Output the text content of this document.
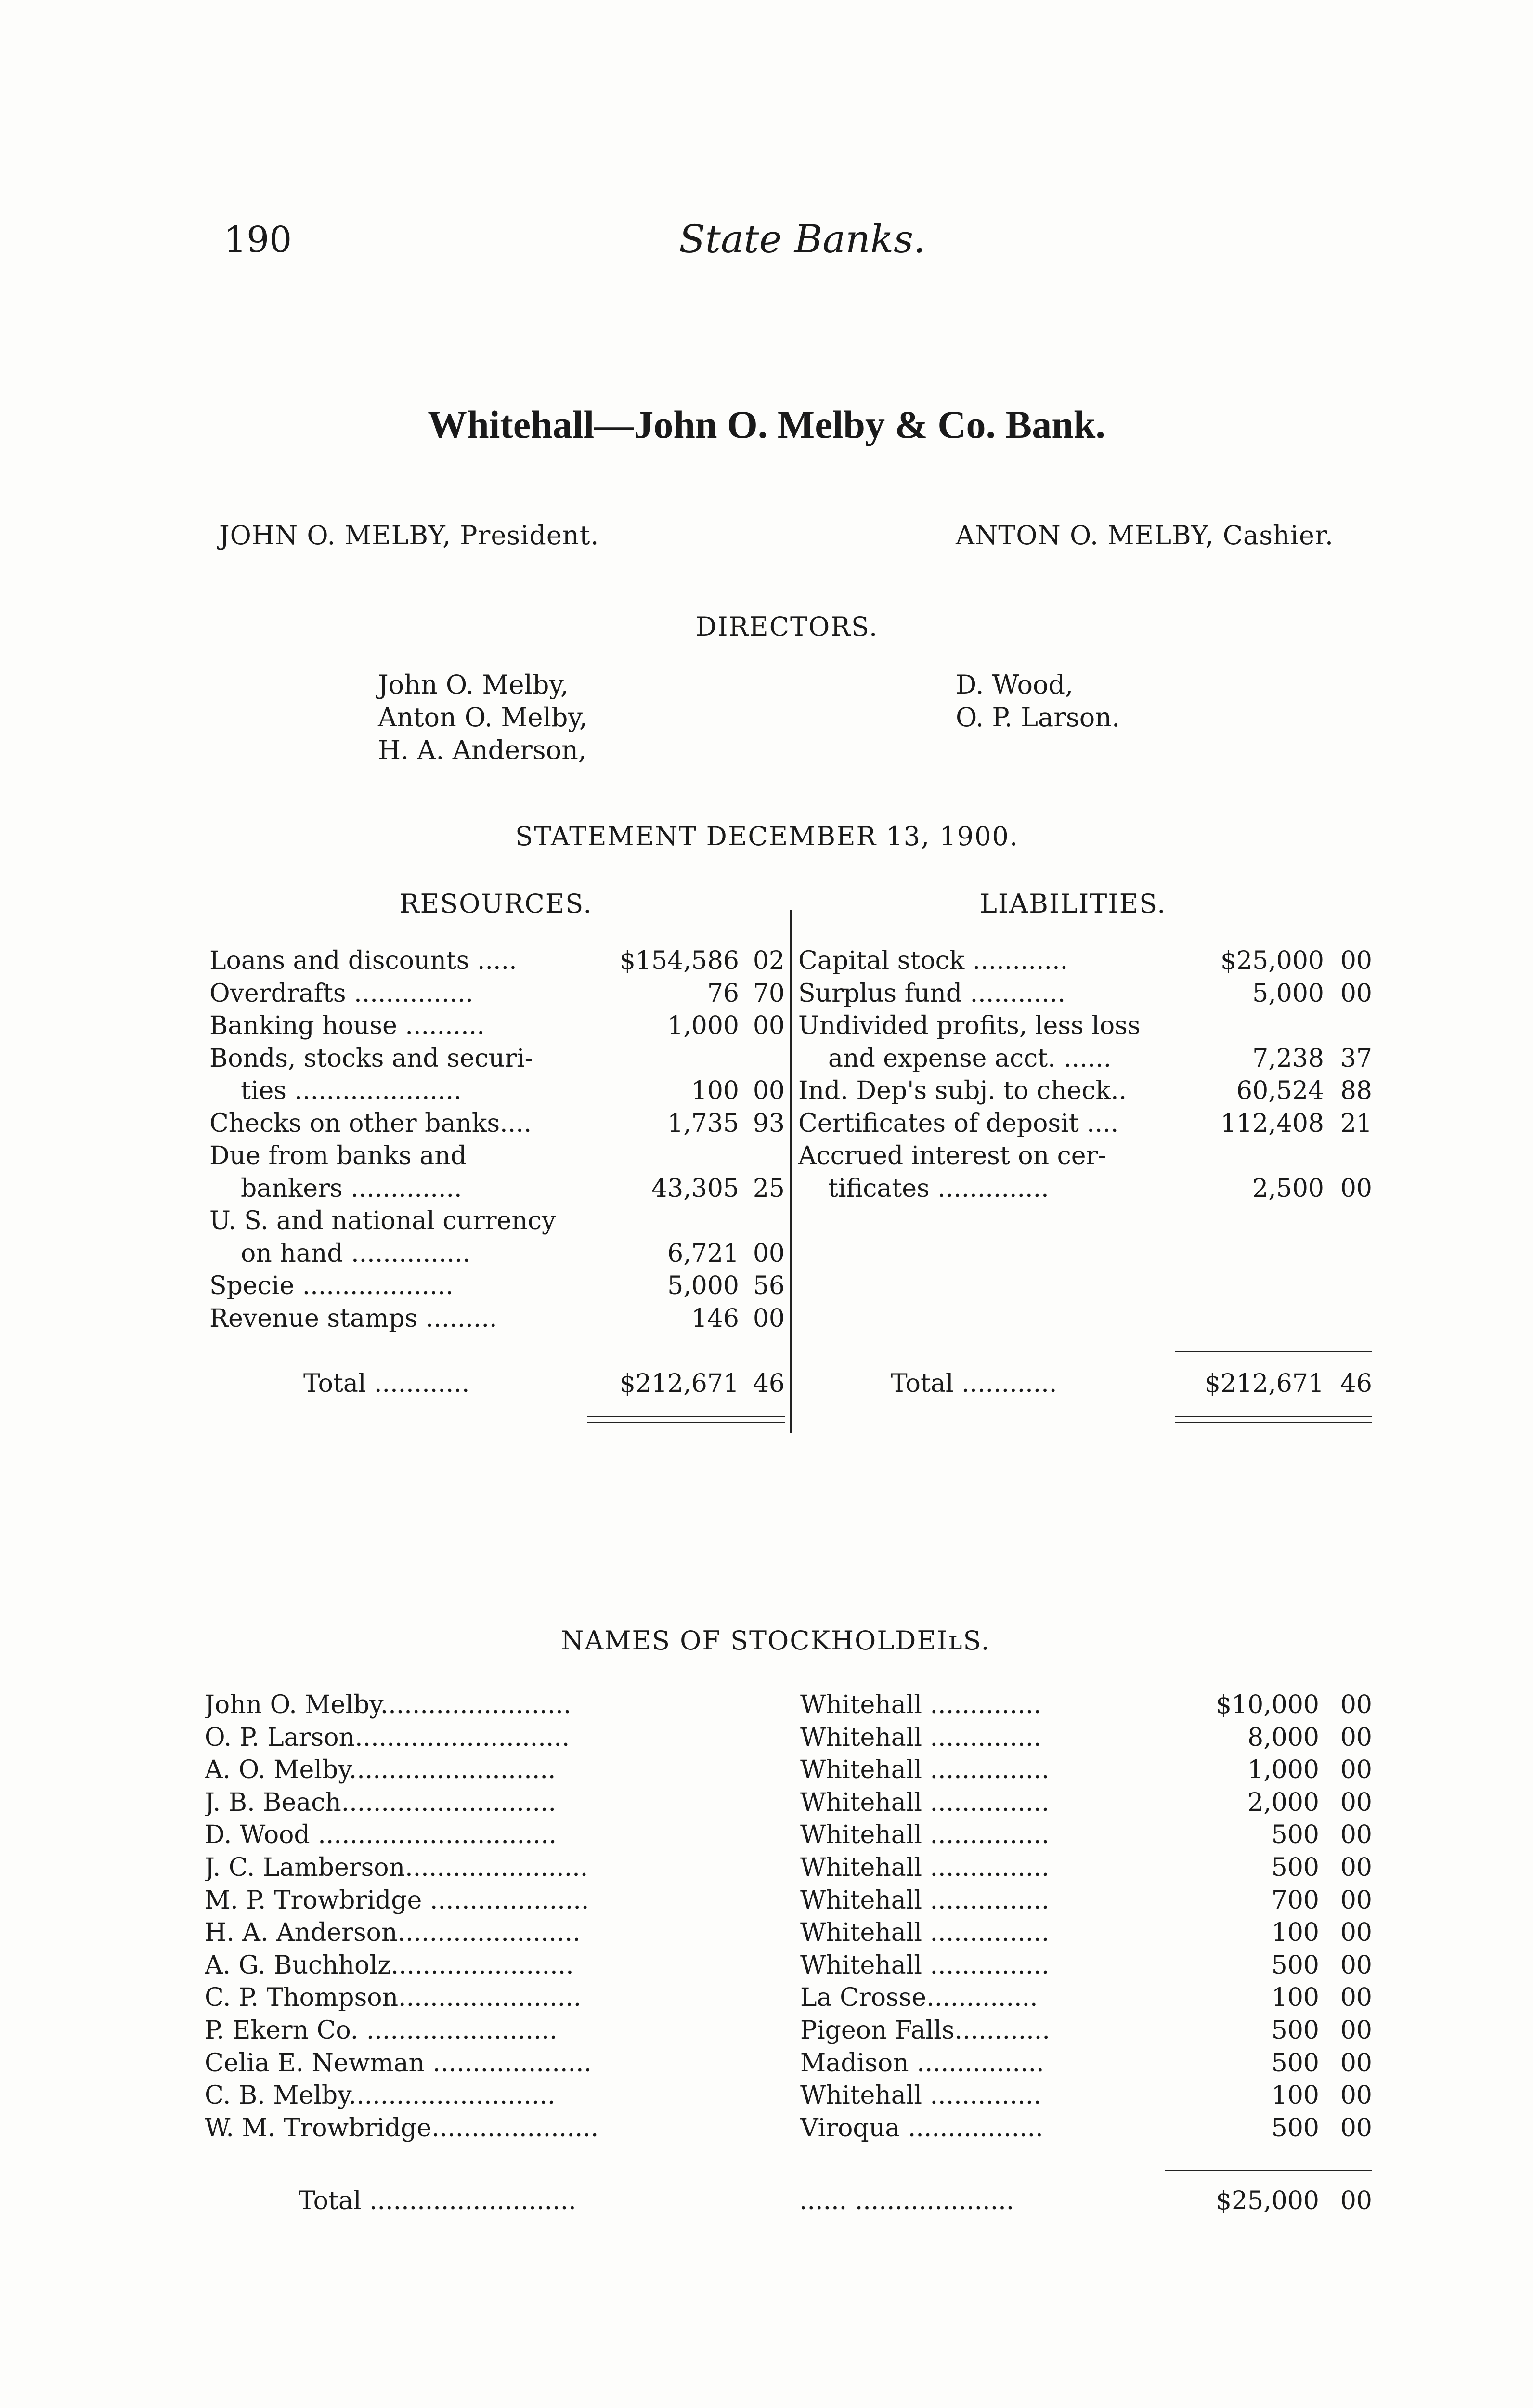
190	State Banks.
Whitehall—John O. Melby & Co. Bank.
JOHN O. MELBY, President.	ANTON O. MELBY, Cashier.
DIRECTORS.
John O. Melby,
Anton O. Melby,
H. A. Anderson,
D. Wood,
O. P. Larson.
STATEMENT DECEMBER 13, 1900.
RESOURCES.	LIABILITIES.
Loans and discounts .....	$154,586 02
Overdrafts ...............	76 70
Banking house ..........	1,000 00
Bonds, stocks and securi-
ties .....................	100 00
Checks on other banks....	1,735 93
Due from banks and
bankers ..............	43,305 25
U. S. and national currency
on hand ...............	6,721 00
Specie ...................	5,000 56
Revenue stamps .........	146 00
Capital stock ............	$25,000 00
Surplus fund ............	5,000 00
Undivided profits, less loss
and expense acct. ......	7,238 37
Ind. Dep's subj. to check..	60,524 88
Certificates of deposit ....	112,408 21
Accrued interest on cer-
tificates ..............	2,500 00
Total ............	$212,671 46	Total ............	$212,671 46
NAMES OF STOCKHOLDEIʟS.
John O. Melby........................	Whitehall ..............	$10,000 00
O. P. Larson...........................	Whitehall ..............	8,000 00
A. O. Melby..........................	Whitehall ...............	1,000 00
J. B. Beach...........................	Whitehall ...............	2,000 00
D. Wood ..............................	Whitehall ...............	500 00
J. C. Lamberson.......................	Whitehall ...............	500 00
M. P. Trowbridge ....................	Whitehall ...............	700 00
H. A. Anderson.......................	Whitehall ...............	100 00
A. G. Buchholz.......................	Whitehall ...............	500 00
C. P. Thompson.......................	La Crosse..............	100 00
P. Ekern Co. ........................	Pigeon Falls............	500 00
Celia E. Newman ....................	Madison ................	500 00
C. B. Melby..........................	Whitehall ..............	100 00
W. M. Trowbridge.....................	Viroqua .................	500 00
Total ..........................	...... ....................	$25,000 00
